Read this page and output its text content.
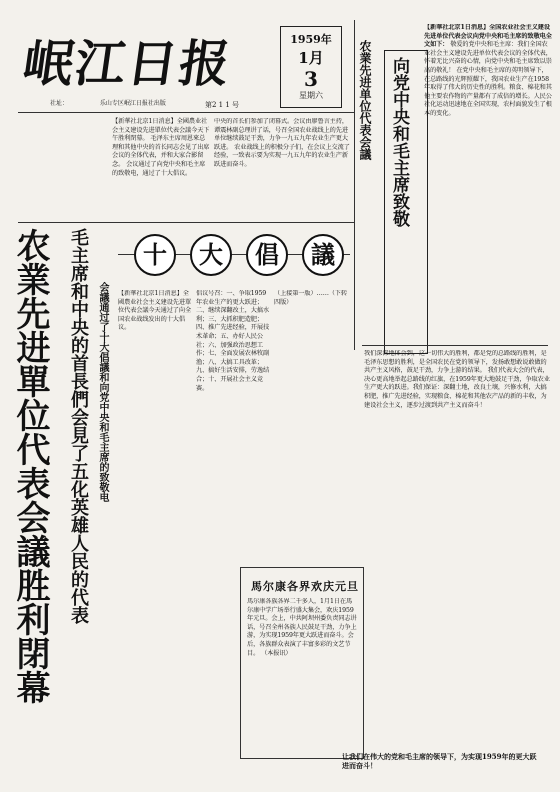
岷江日报
社址： 　　　　　乐山专区岷江日报社出版	第2 1 1 号
1959年
1月
3
星期六	农業先进单位代表会議 向党中央和毛主席致敬
【新華社北京1日消息】全國農业社会主义建设先进單位代表会議今天下午胜利閉幕。 毛泽东主席周恩來总理和其他中央的首长同志会见了出席会议的全体代表，并和大家合影留念。 会议通过了向党中央和毛主席的致敬电，通过了十大倡议。
中央的首长们参加了闭幕式。会议由廖鲁言主持，谭震林副总理讲了话，号召全国农业战线上的先进单位继续鼓足干劲，力争一九五九年农业生产更大跃进。 农业战线上的积极分子们，在会议上交流了经验，一致表示要为实现一九五九年的农业生产新跃进而奋斗。
农業先进單位代表会議胜利閉幕 毛主席和中央的首長們会見了五化英雄人民的代表 会議通过了十大倡議和向党中央和毛主席的致敬电
十	大	倡	議
【新華社北京1日消息】全國農业社会主义建设先进單位代表会議今天通过了向全国农业战线发出的十大倡议。
倡议号召：一、争取1959年农业生产的更大跃进；二、继续深翻改土，大搞水利；三、大抓积肥造肥；四、推广先进经验，开展技术革命；五、办好人民公社；六、加强政治思想工作；七、全面发展农林牧副渔；八、大搞工具改革；九、搞好生活安排，劳逸结合；十、开展社会主义竞赛。
（上接第一版）……（下转四版）
【新華社北京1日消息】全国农业社会主义建设先进单位代表会议向党中央和毛主席的致敬电全文如下： 敬爱的党中央和毛主席：我们全国农业社会主义建设先进单位代表会议的全体代表，怀着无比兴奋的心情，向党中央和毛主席致以崇高的敬礼！ 在党中央和毛主席的英明领导下，在总路线的光辉照耀下，我国农业生产在1958年取得了伟大的历史性的胜利。粮食、棉花和其他主要农作物的产量都有了成倍的增长。人民公社化运动迅速地在全国实现，农村面貌发生了根本的变化。
我们深深地体会到，这一切伟大的胜利，都是党的总路线的胜利，是毛泽东思想的胜利，是全国农民在党的领导下，发扬敢想敢说敢做的共产主义风格，鼓足干劲，力争上游的结果。 我们代表大会的代表，决心更高地举起总路线的红旗，在1959年更大地鼓足干劲，争取农业生产更大的跃进。我们保证：深翻土地，改良土壤，兴修水利，大搞积肥，推广先进经验，实现粮食、棉花和其他农产品的新的丰收，为建设社会主义，逐步过渡到共产主义而奋斗！
馬尔康各界欢庆元旦
馬尔康各族各界二千多人，1月1日在馬尔康中学广场举行盛大集会，欢庆1959年元旦。会上，中共阿坝州委负责同志讲话，号召全州各族人民鼓足干劲，力争上游，为实现1959年更大跃进而奋斗。会后，各族群众表演了丰富多彩的文艺节目。 （本报讯）
让我们在伟大的党和毛主席的领导下，为实现1959年的更大跃进而奋斗！
